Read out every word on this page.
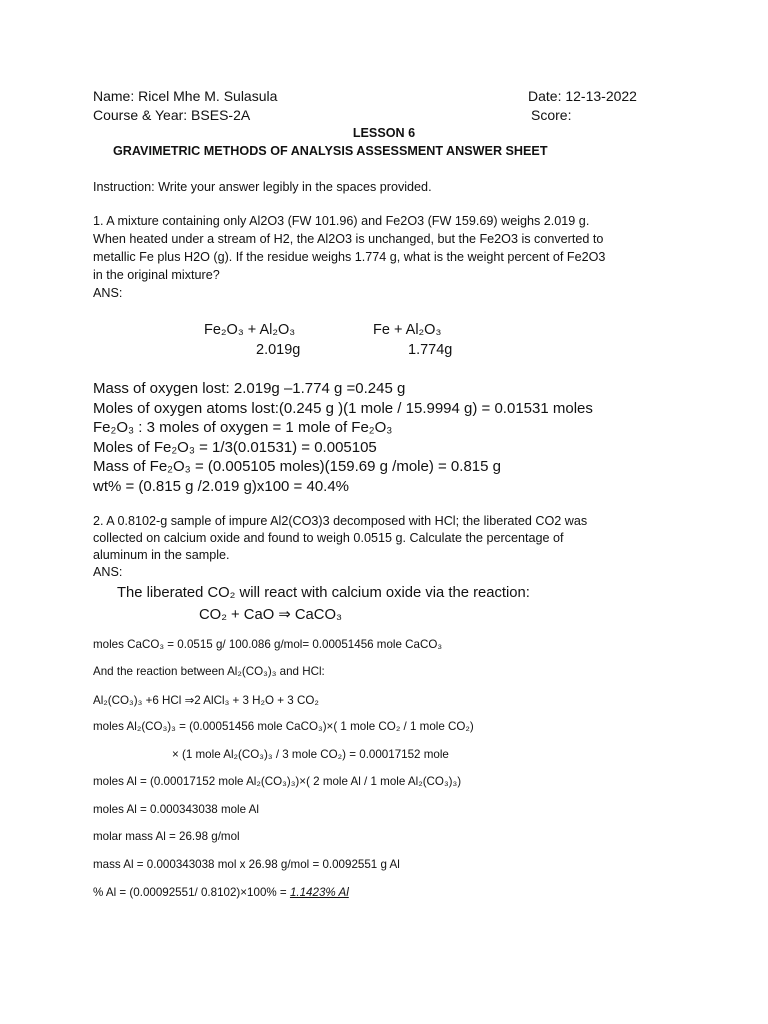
Name: Ricel Mhe M. Sulasula	Date: 12-13-2022

Course & Year: BSES-2A	Score:

LESSON 6

GRAVIMETRIC METHODS OF ANALYSIS ASSESSMENT ANSWER SHEET

Instruction: Write your answer legibly in the spaces provided.

1. A mixture containing only Al2O3 (FW 101.96) and Fe2O3 (FW 159.69) weighs 2.019 g.

When heated under a stream of H2, the Al2O3 is unchanged, but the Fe2O3 is converted to

metallic Fe plus H2O (g). If the residue weighs 1.774 g, what is the weight percent of Fe2O3

in the original mixture?

ANS:

Fe₂O₃ + Al₂O₃	Fe + Al₂O₃

2.019g	1.774g

Mass of oxygen lost: 2.019g –1.774 g =0.245 g

Moles of oxygen atoms lost:(0.245 g )(1 mole / 15.9994 g) = 0.01531 moles

Fe₂O₃ : 3 moles of oxygen = 1 mole of Fe₂O₃

Moles of Fe₂O₃ = 1/3(0.01531) = 0.005105

Mass of Fe₂O₃ = (0.005105 moles)(159.69 g /mole) = 0.815 g

wt% = (0.815 g /2.019 g)x100 = 40.4%

2. A 0.8102-g sample of impure Al2(CO3)3 decomposed with HCl; the liberated CO2 was

collected on calcium oxide and found to weigh 0.0515 g. Calculate the percentage of

aluminum in the sample.

ANS:

The liberated CO₂ will react with calcium oxide via the reaction:

CO₂ + CaO ⇒ CaCO₃

moles CaCO₃ = 0.0515 g/ 100.086 g/mol= 0.00051456 mole CaCO₃

And the reaction between Al₂(CO₃)₃ and HCl:

Al₂(CO₃)₃ +6 HCl ⇒2 AlCl₃ + 3 H₂O + 3 CO₂

moles Al₂(CO₃)₃ = (0.00051456 mole CaCO₃)×( 1 mole CO₂ / 1 mole CO₂)

× (1 mole Al₂(CO₃)₃ / 3 mole CO₂) = 0.00017152 mole

moles Al = (0.00017152 mole Al₂(CO₃)₃)×( 2 mole Al / 1 mole Al₂(CO₃)₃)

moles Al = 0.000343038 mole Al

molar mass Al = 26.98 g/mol

mass Al = 0.000343038 mol x 26.98 g/mol = 0.0092551 g Al

% Al = (0.00092551/ 0.8102)×100% = 1.1423% Al
